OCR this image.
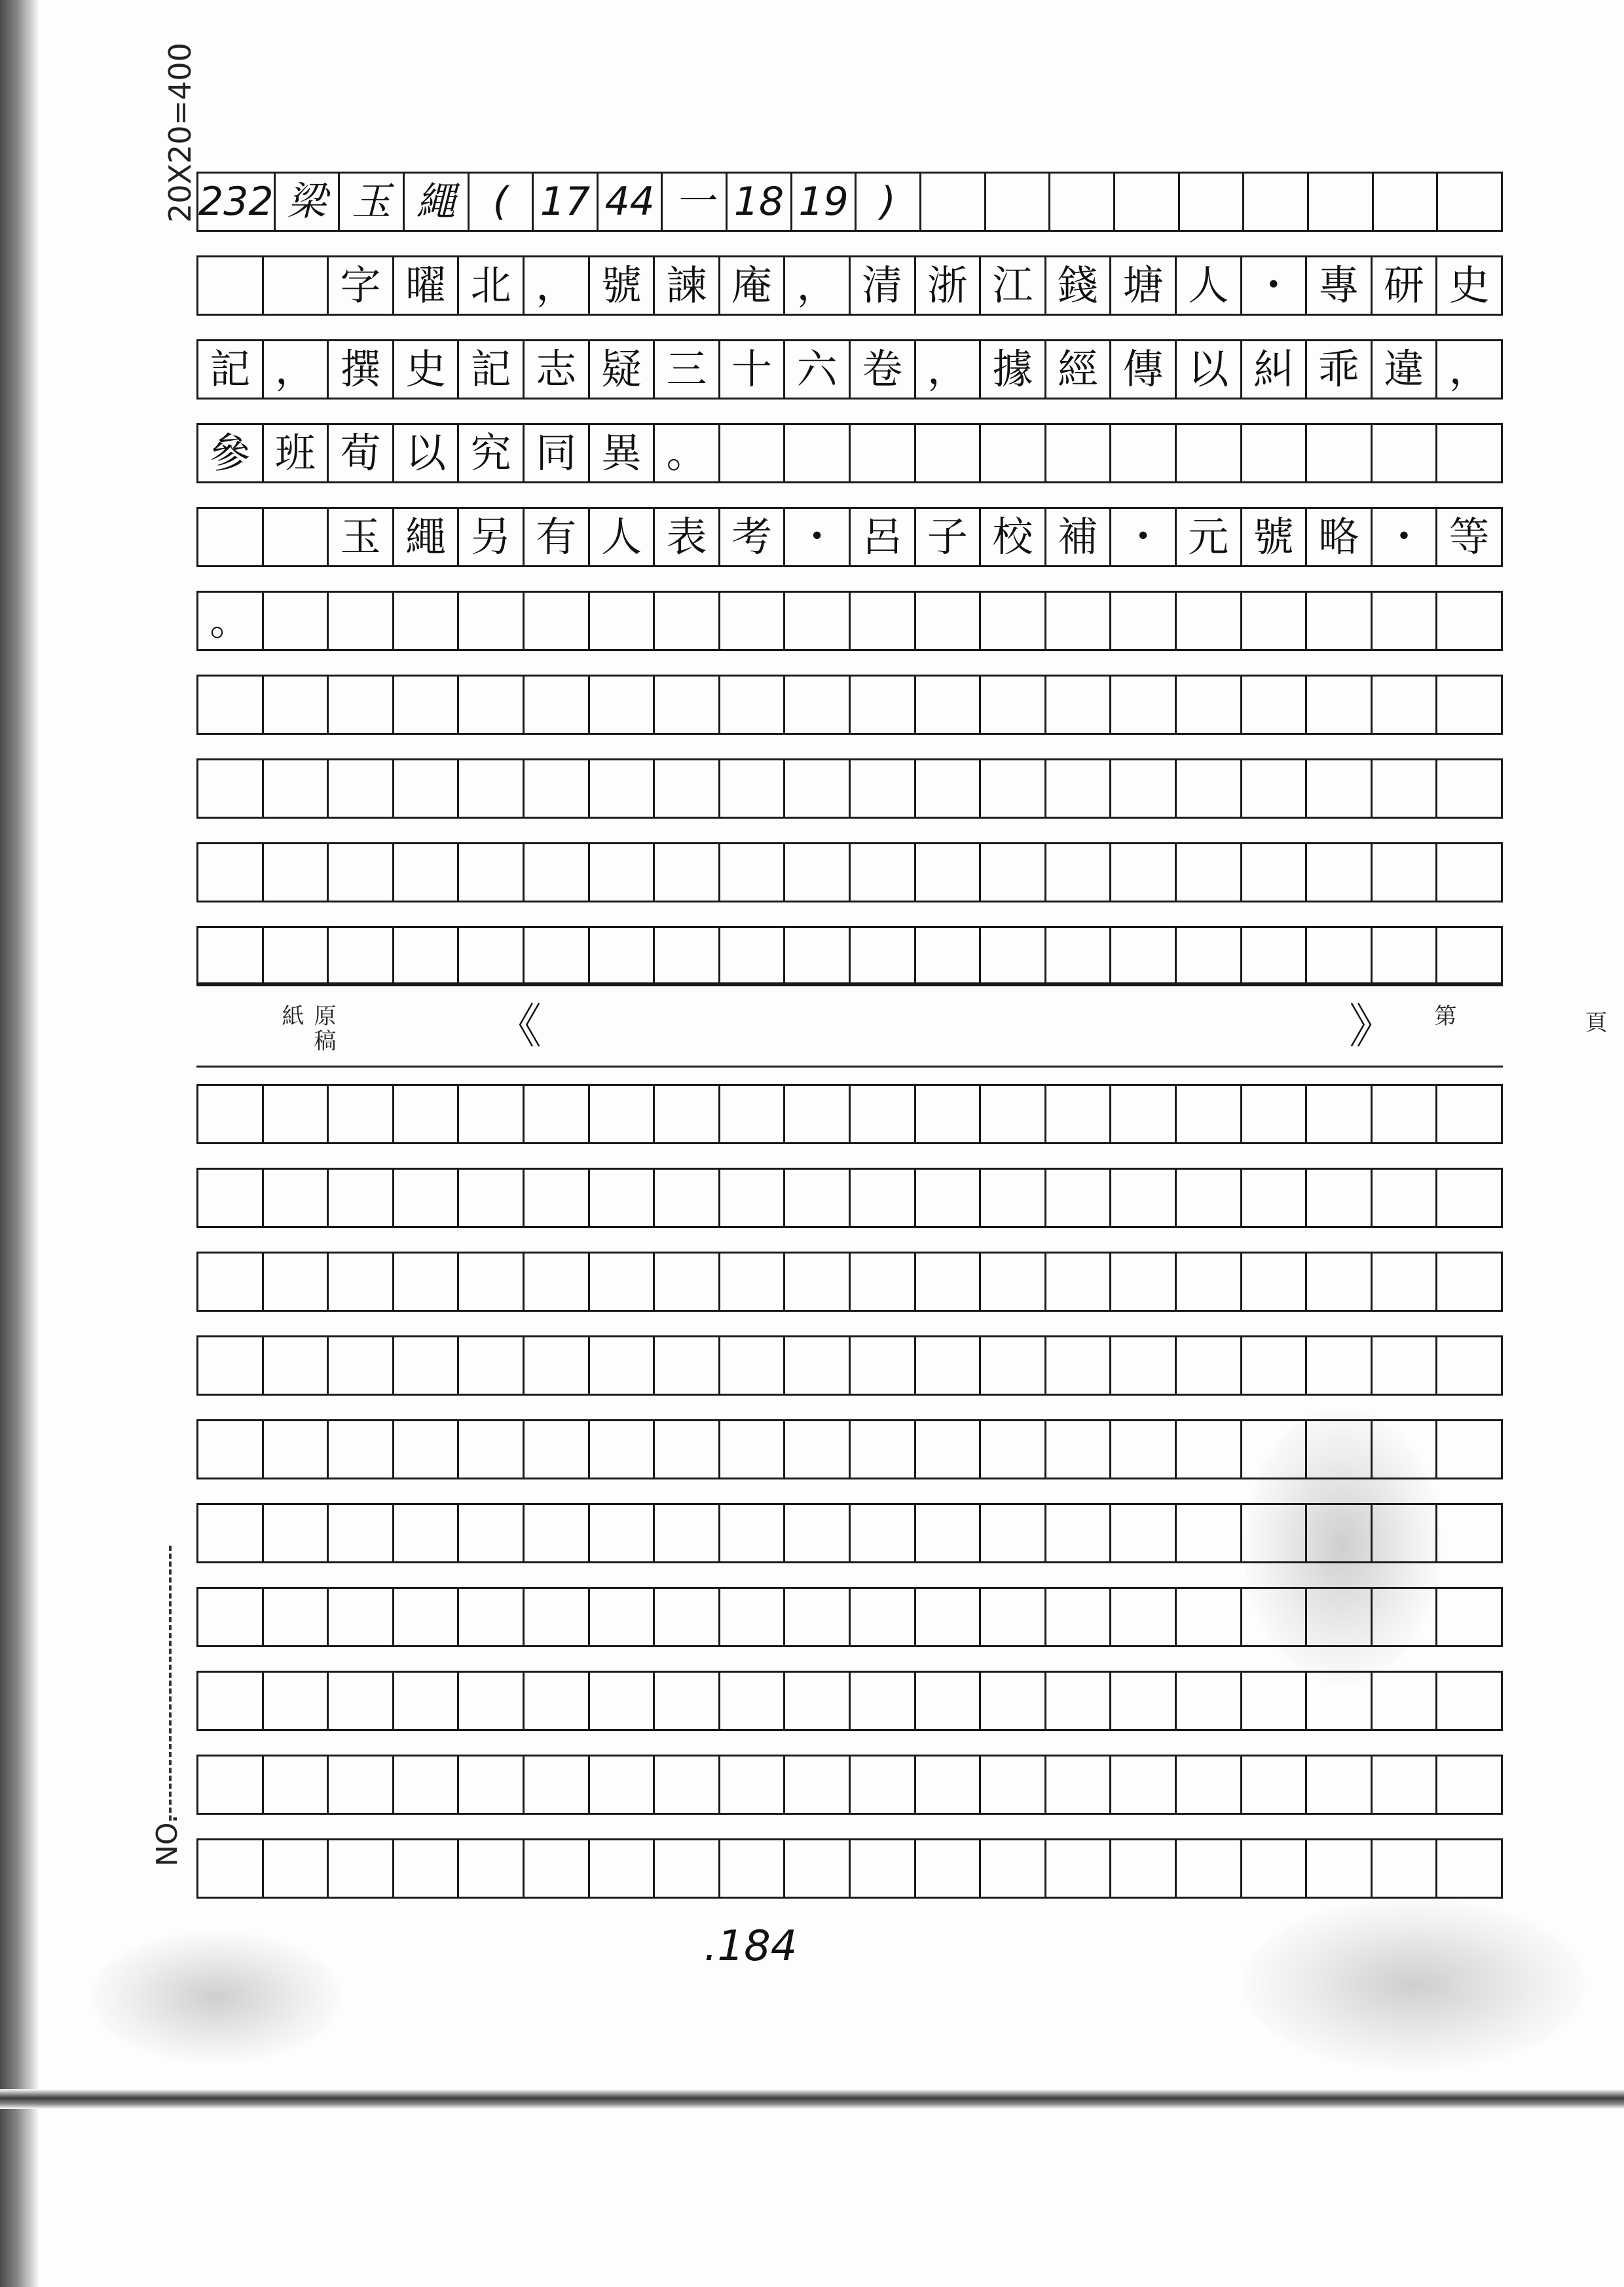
20X20=400 232 梁 玉 繩 ( 17 44 一 18 19 )
字 曜 北 ， 號 諫 庵 ， 清 浙 江 錢 塘 人 ・ 專 研 史
記 ， 撰 史 記 志 疑 三 十 六 卷 ， 據 經 傳 以 糾 乖 違 ，
參 班 荀 以 究 同 異 。
玉 繩 另 有 人 表 考 ・ 呂 子 校 補 ・ 元 號 略 ・ 等
。
原稿紙	《	》 第	頁
NO.
.184
